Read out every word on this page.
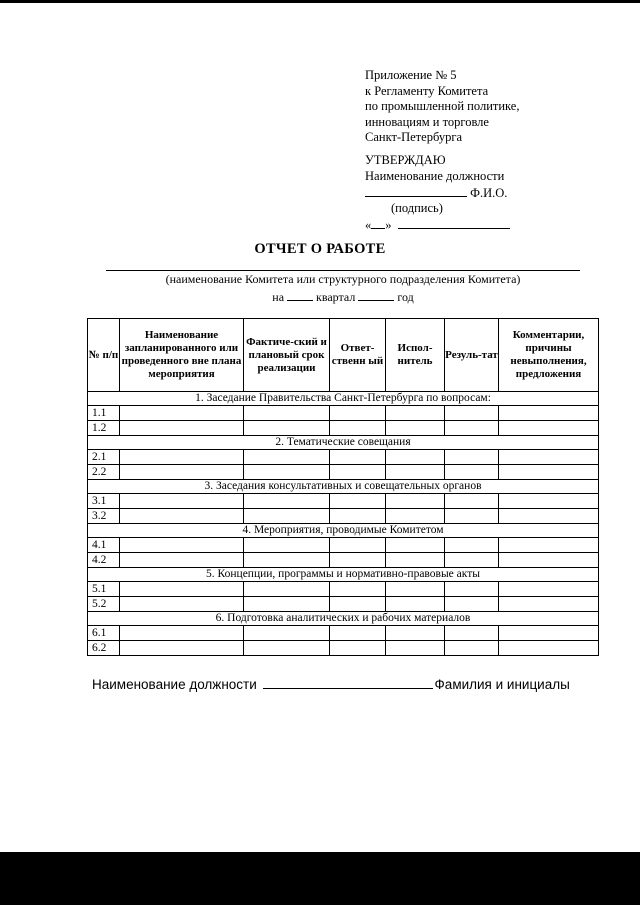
Приложение № 5
к Регламенту Комитета
по промышленной политике,
инновациям и торговле
Санкт-Петербурга
УТВЕРЖДАЮ
Наименование должности
Ф.И.О.
(подпись)
« »
ОТЧЕТ О РАБОТЕ
(наименование Комитета или структурного подразделения Комитета)
на	квартал	год
№ п/п	Наименование запланированного или проведенного вне плана мероприятия	Фактиче-ский и плановый срок реализации	Ответ-ственн ый	Испол-нитель	Резуль-тат	Комментарии, причины невыполнения, предложения
1. Заседание Правительства Санкт-Петербурга по вопросам:						
1.1						
1.2						
2. Тематические совещания						
2.1						
2.2						
3. Заседания консультативных и совещательных органов						
3.1						
3.2						
4. Мероприятия, проводимые Комитетом						
4.1						
4.2						
5. Концепции, программы и нормативно-правовые акты						
5.1						
5.2						
6. Подготовка аналитических и рабочих материалов						
6.1						
6.2						
Наименование должности	Фамилия и инициалы
